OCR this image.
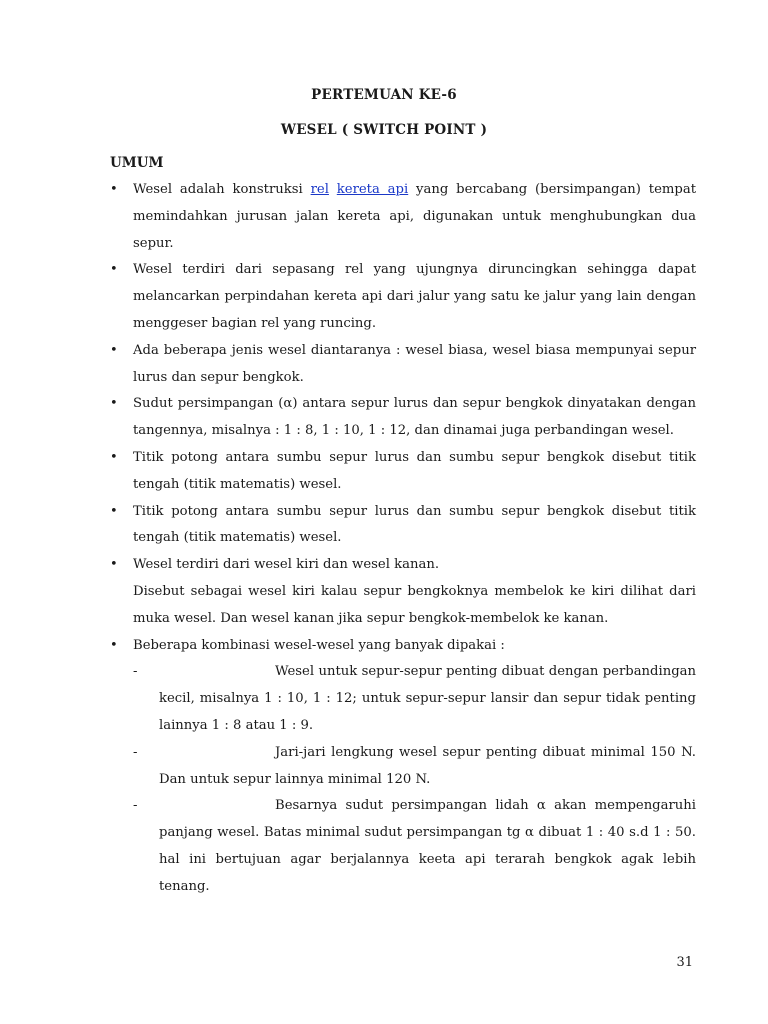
PERTEMUAN KE-6
WESEL ( SWITCH POINT )
UMUM
• Wesel adalah konstruksi rel kereta api yang bercabang (bersimpangan) tempat memindahkan jurusan jalan kereta api, digunakan untuk menghubungkan dua sepur.
• Wesel terdiri dari sepasang rel yang ujungnya diruncingkan sehingga dapat melancarkan perpindahan kereta api dari jalur yang satu ke jalur yang lain dengan menggeser bagian rel yang runcing.
• Ada beberapa jenis wesel diantaranya : wesel biasa, wesel biasa mempunyai sepur lurus dan sepur bengkok.
• Sudut persimpangan (α) antara sepur lurus dan sepur bengkok dinyatakan dengan tangennya, misalnya : 1 : 8, 1 : 10, 1 : 12, dan dinamai juga perbandingan wesel.
• Titik potong antara sumbu sepur lurus dan sumbu sepur bengkok disebut titik tengah (titik matematis) wesel.
• Titik potong antara sumbu sepur lurus dan sumbu sepur bengkok disebut titik tengah (titik matematis) wesel.
• Wesel terdiri dari wesel kiri dan wesel kanan.
Disebut sebagai wesel kiri kalau sepur bengkoknya membelok ke kiri dilihat dari muka wesel. Dan wesel kanan jika sepur bengkok-membelok ke kanan.
• Beberapa kombinasi wesel-wesel yang banyak dipakai :
-	Wesel untuk sepur-sepur penting dibuat dengan perbandingan kecil, misalnya 1 : 10, 1 : 12; untuk sepur-sepur lansir dan sepur tidak penting lainnya 1 : 8 atau 1 : 9.
-	Jari-jari lengkung wesel sepur penting dibuat minimal 150 N. Dan untuk sepur lainnya minimal 120 N.
-	Besarnya sudut persimpangan lidah α akan mempengaruhi panjang wesel. Batas minimal sudut persimpangan tg α dibuat 1 : 40 s.d 1 : 50. hal ini bertujuan agar berjalannya keeta api terarah bengkok agak lebih tenang.
31
